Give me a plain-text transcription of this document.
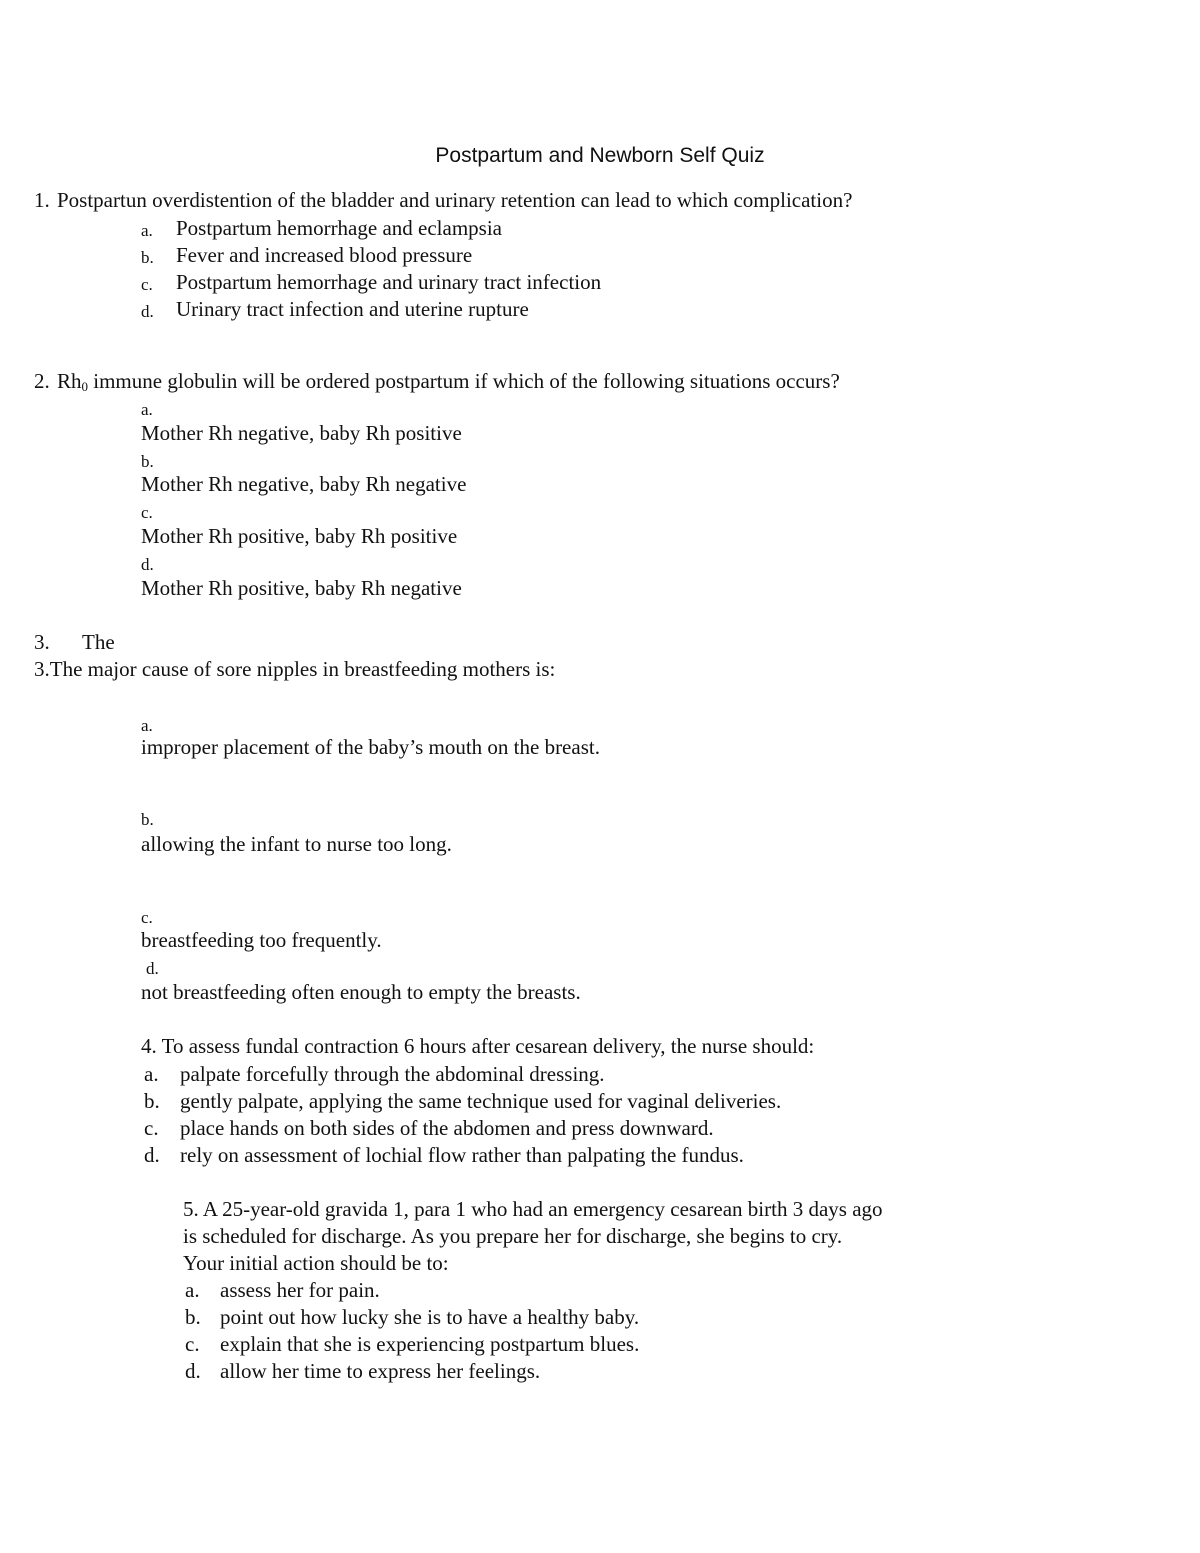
Postpartum and Newborn Self Quiz
1. Postpartun overdistention of the bladder and urinary retention can lead to which complication?
a. Postpartum hemorrhage and eclampsia
b. Fever and increased blood pressure
c. Postpartum hemorrhage and urinary tract infection
d. Urinary tract infection and uterine rupture
2. $Rh_0$ immune globulin will be ordered postpartum if which of the following situations occurs?
a.
Mother Rh negative, baby Rh positive
b.
Mother Rh negative, baby Rh negative
c.
Mother Rh positive, baby Rh positive
d.
Mother Rh positive, baby Rh negative
3. The
3.The major cause of sore nipples in breastfeeding mothers is:
a.
improper placement of the baby’s mouth on the breast.
b.
allowing the infant to nurse too long.
c.
breastfeeding too frequently.
d.
not breastfeeding often enough to empty the breasts.
4. To assess fundal contraction 6 hours after cesarean delivery, the nurse should:
a. palpate forcefully through the abdominal dressing.
b. gently palpate, applying the same technique used for vaginal deliveries.
c. place hands on both sides of the abdomen and press downward.
d. rely on assessment of lochial flow rather than palpating the fundus.
5. A 25-year-old gravida 1, para 1 who had an emergency cesarean birth 3 days ago
is scheduled for discharge. As you prepare her for discharge, she begins to cry.
Your initial action should be to:
a. assess her for pain.
b. point out how lucky she is to have a healthy baby.
c. explain that she is experiencing postpartum blues.
d. allow her time to express her feelings.
